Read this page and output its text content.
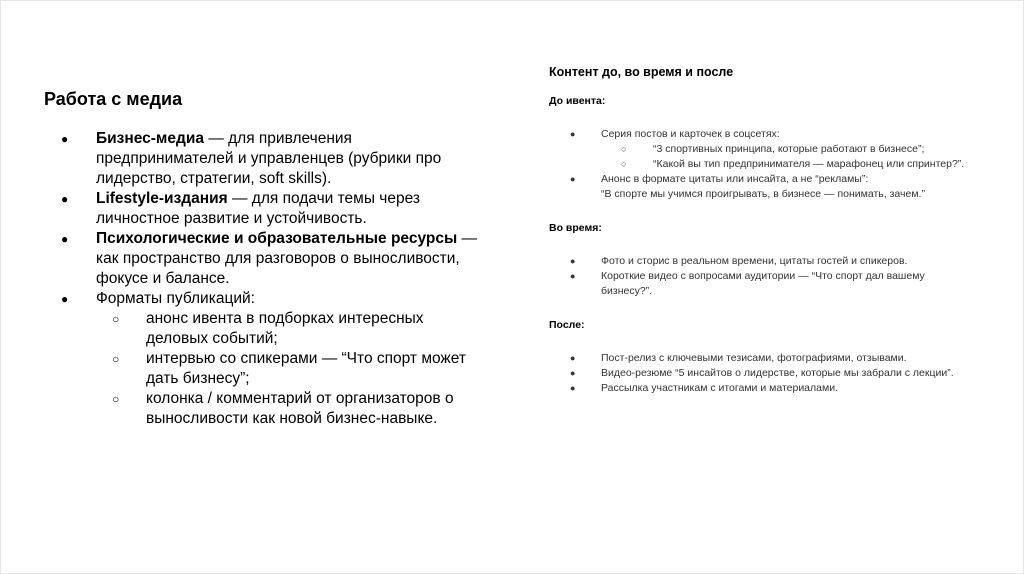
Работа с медиа
● Бизнес-медиа — для привлечения предпринимателей и управленцев (рубрики про лидерство, стратегии, soft skills).
● Lifestyle-издания — для подачи темы через личностное развитие и устойчивость.
● Психологические и образовательные ресурсы — как пространство для разговоров о выносливости, фокусе и балансе.
● Форматы публикаций:
○ анонс ивента в подборках интересных деловых событий;
○ интервью со спикерами — “Что спорт может дать бизнесу”;
○ колонка / комментарий от организаторов о выносливости как новой бизнес-навыке.

Контент до, во время и после

До ивента:

● Серия постов и карточек в соцсетях:
○	“3 спортивных принципа, которые работают в бизнесе”;
○	“Какой вы тип предпринимателя — марафонец или спринтер?”.
● Анонс в формате цитаты или инсайта, а не “рекламы”:
“В спорте мы учимся проигрывать, в бизнесе — понимать, зачем.”

Во время:

● Фото и сторис в реальном времени, цитаты гостей и спикеров.
● Короткие видео с вопросами аудитории — “Что спорт дал вашему бизнесу?”.

После:

● Пост-релиз с ключевыми тезисами, фотографиями, отзывами.
● Видео-резюме “5 инсайтов о лидерстве, которые мы забрали с лекции”.
● Рассылка участникам с итогами и материалами.
